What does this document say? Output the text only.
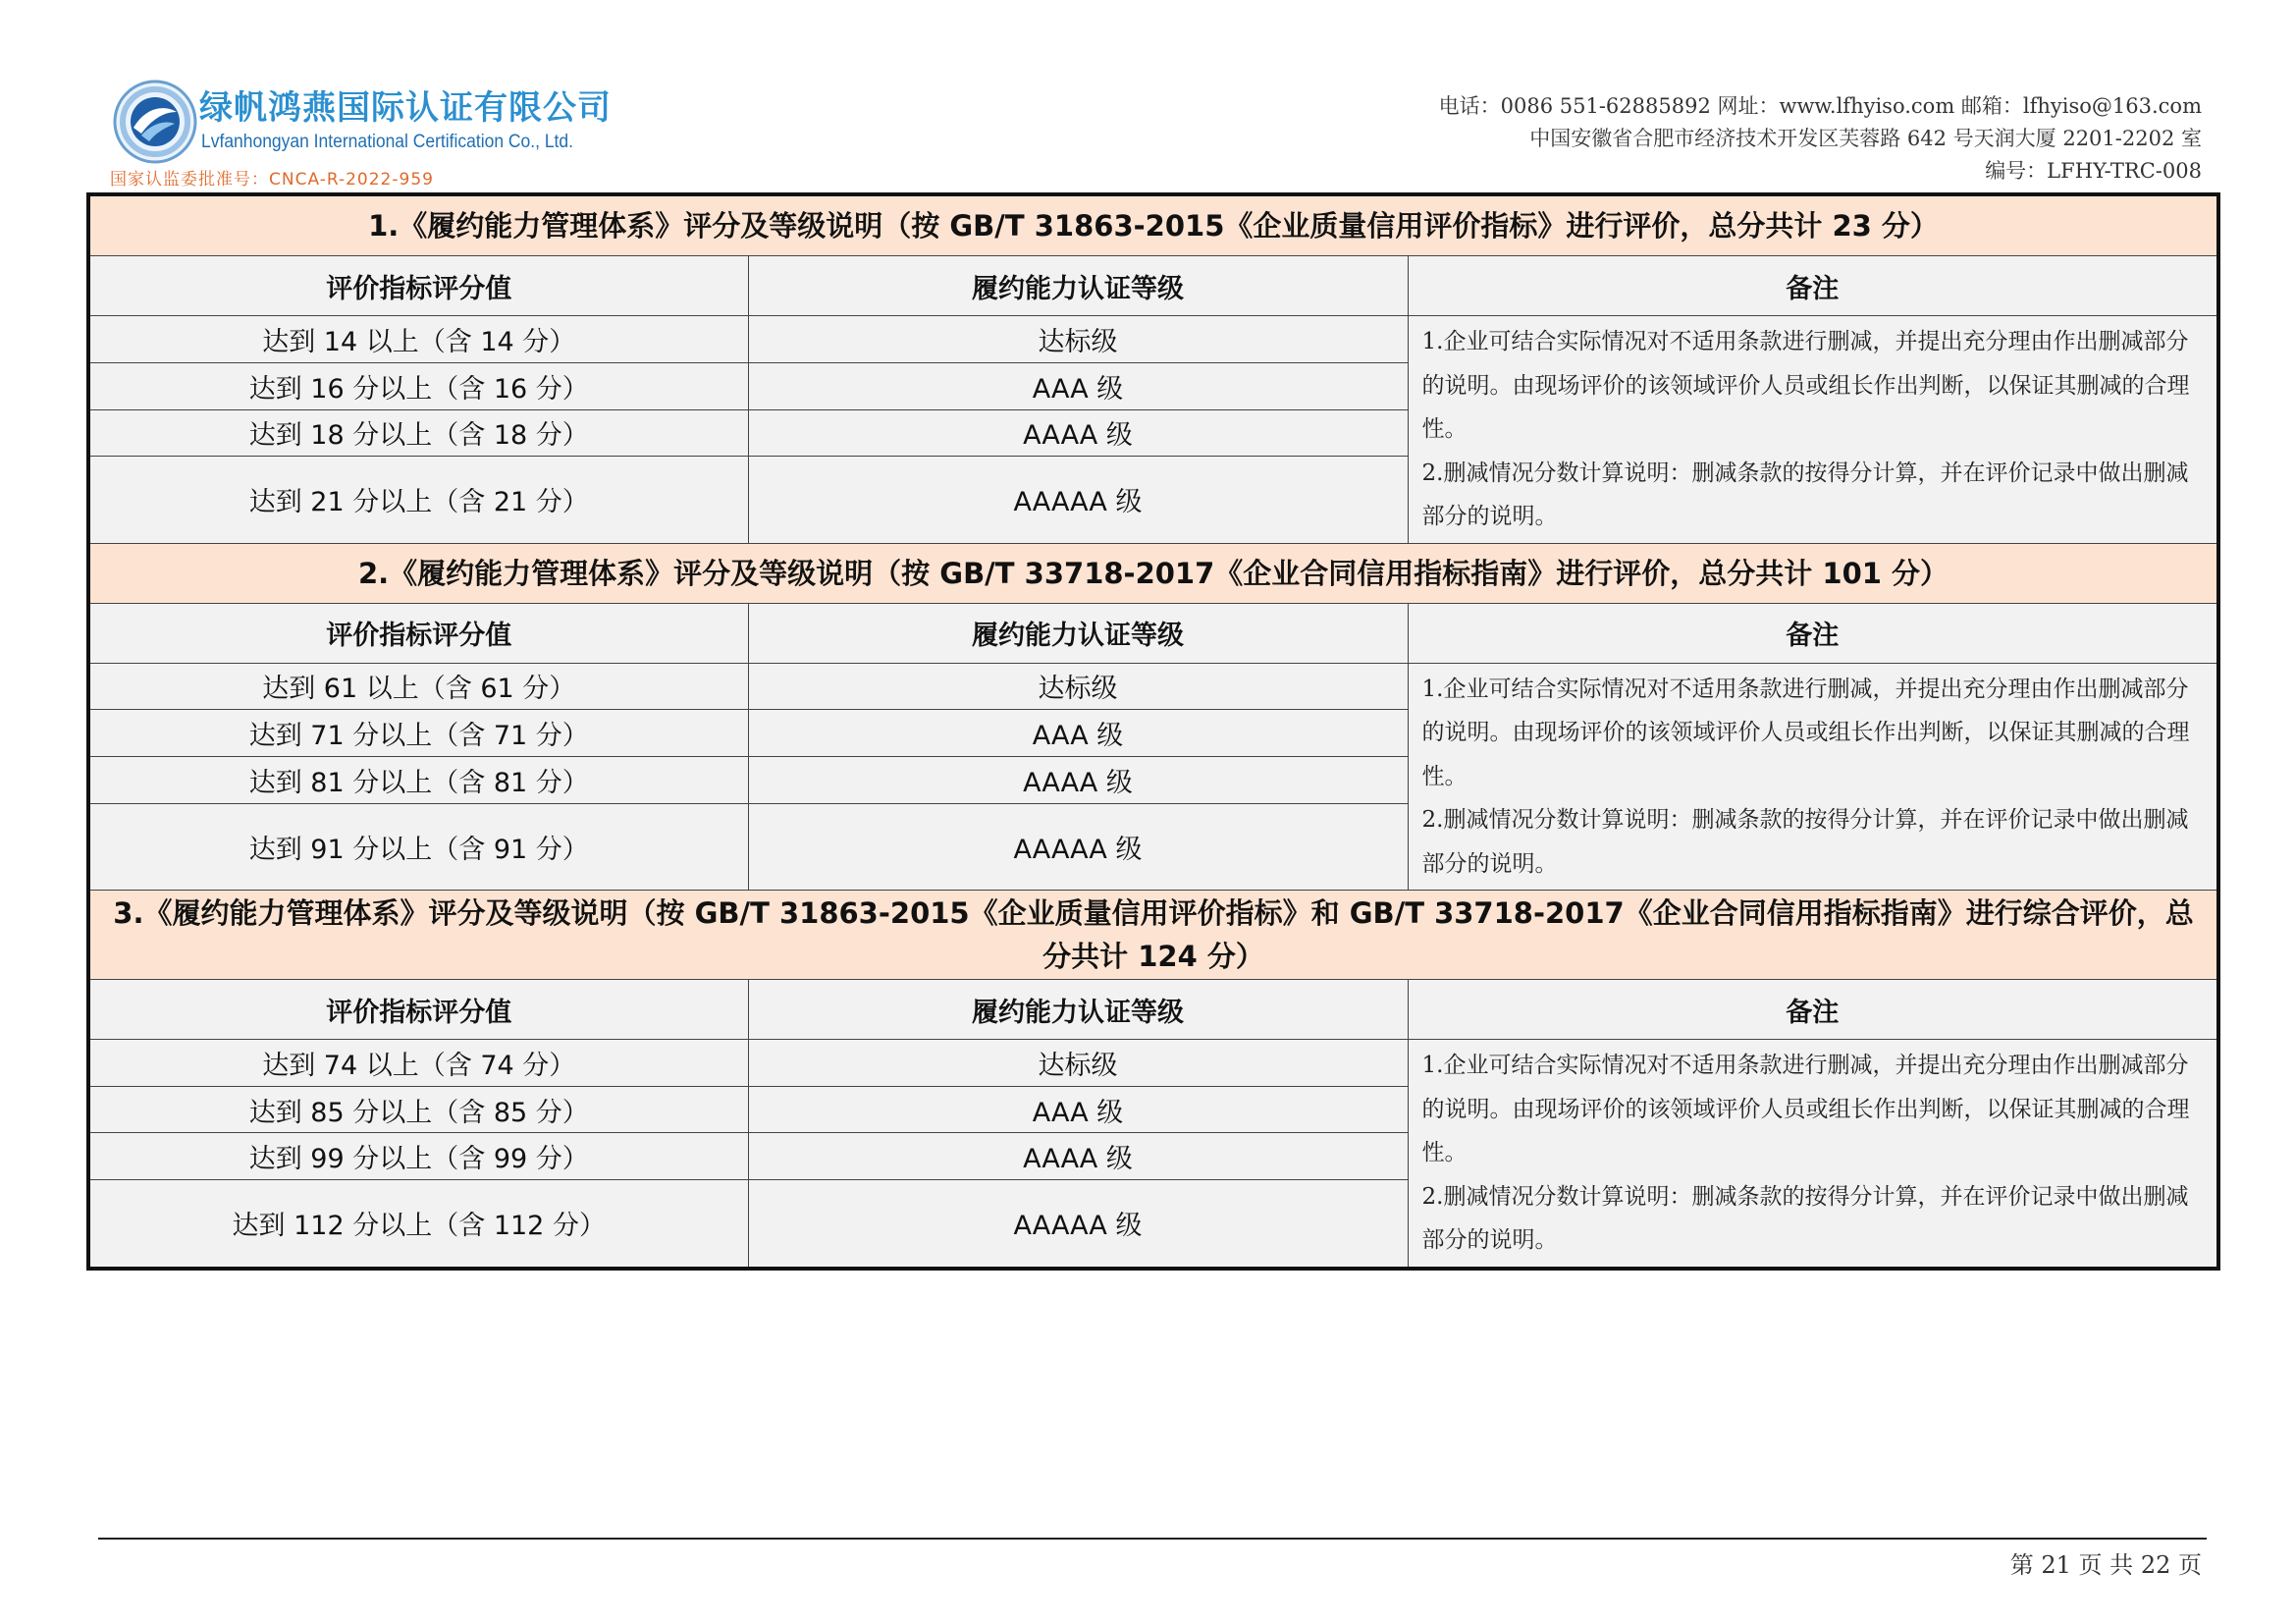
绿帆鸿燕国际认证有限公司
Lvfanhongyan International Certification Co., Ltd.
国家认监委批准号：CNCA-R-2022-959
电话：0086 551-62885892 网址：www.lfhyiso.com 邮箱：lfhyiso@163.com
中国安徽省合肥市经济技术开发区芙蓉路 642 号天润大厦 2201-2202 室
编号：LFHY-TRC-008
1.《履约能力管理体系》评分及等级说明（按 GB/T 31863-2015《企业质量信用评价指标》进行评价，总分共计 23 分）		
评价指标评分值	履约能力认证等级	备注
达到 14 以上（含 14 分）	达标级	1.企业可结合实际情况对不适用条款进行删减，并提出充分理由作出删减部分的说明。由现场评价的该领域评价人员或组长作出判断，以保证其删减的合理性。

2.删减情况分数计算说明：删减条款的按得分计算，并在评价记录中做出删减部分的说明。

达到 16 分以上（含 16 分）	AAA 级	
达到 18 分以上（含 18 分）	AAAA 级	
达到 21 分以上（含 21 分）	AAAAA 级	
2.《履约能力管理体系》评分及等级说明（按 GB/T 33718-2017《企业合同信用指标指南》进行评价，总分共计 101 分）		
评价指标评分值	履约能力认证等级	备注
达到 61 以上（含 61 分）	达标级	1.企业可结合实际情况对不适用条款进行删减，并提出充分理由作出删减部分的说明。由现场评价的该领域评价人员或组长作出判断，以保证其删减的合理性。

2.删减情况分数计算说明：删减条款的按得分计算，并在评价记录中做出删减部分的说明。

达到 71 分以上（含 71 分）	AAA 级	
达到 81 分以上（含 81 分）	AAAA 级	
达到 91 分以上（含 91 分）	AAAAA 级	
3.《履约能力管理体系》评分及等级说明（按 GB/T 31863-2015《企业质量信用评价指标》和 GB/T 33718-2017《企业合同信用指标指南》进行综合评价，总分共计 124 分）		
评价指标评分值	履约能力认证等级	备注
达到 74 以上（含 74 分）	达标级	1.企业可结合实际情况对不适用条款进行删减，并提出充分理由作出删减部分的说明。由现场评价的该领域评价人员或组长作出判断，以保证其删减的合理性。

2.删减情况分数计算说明：删减条款的按得分计算，并在评价记录中做出删减部分的说明。

达到 85 分以上（含 85 分）	AAA 级	
达到 99 分以上（含 99 分）	AAAA 级	
达到 112 分以上（含 112 分）	AAAAA 级	
第 21 页 共 22 页
